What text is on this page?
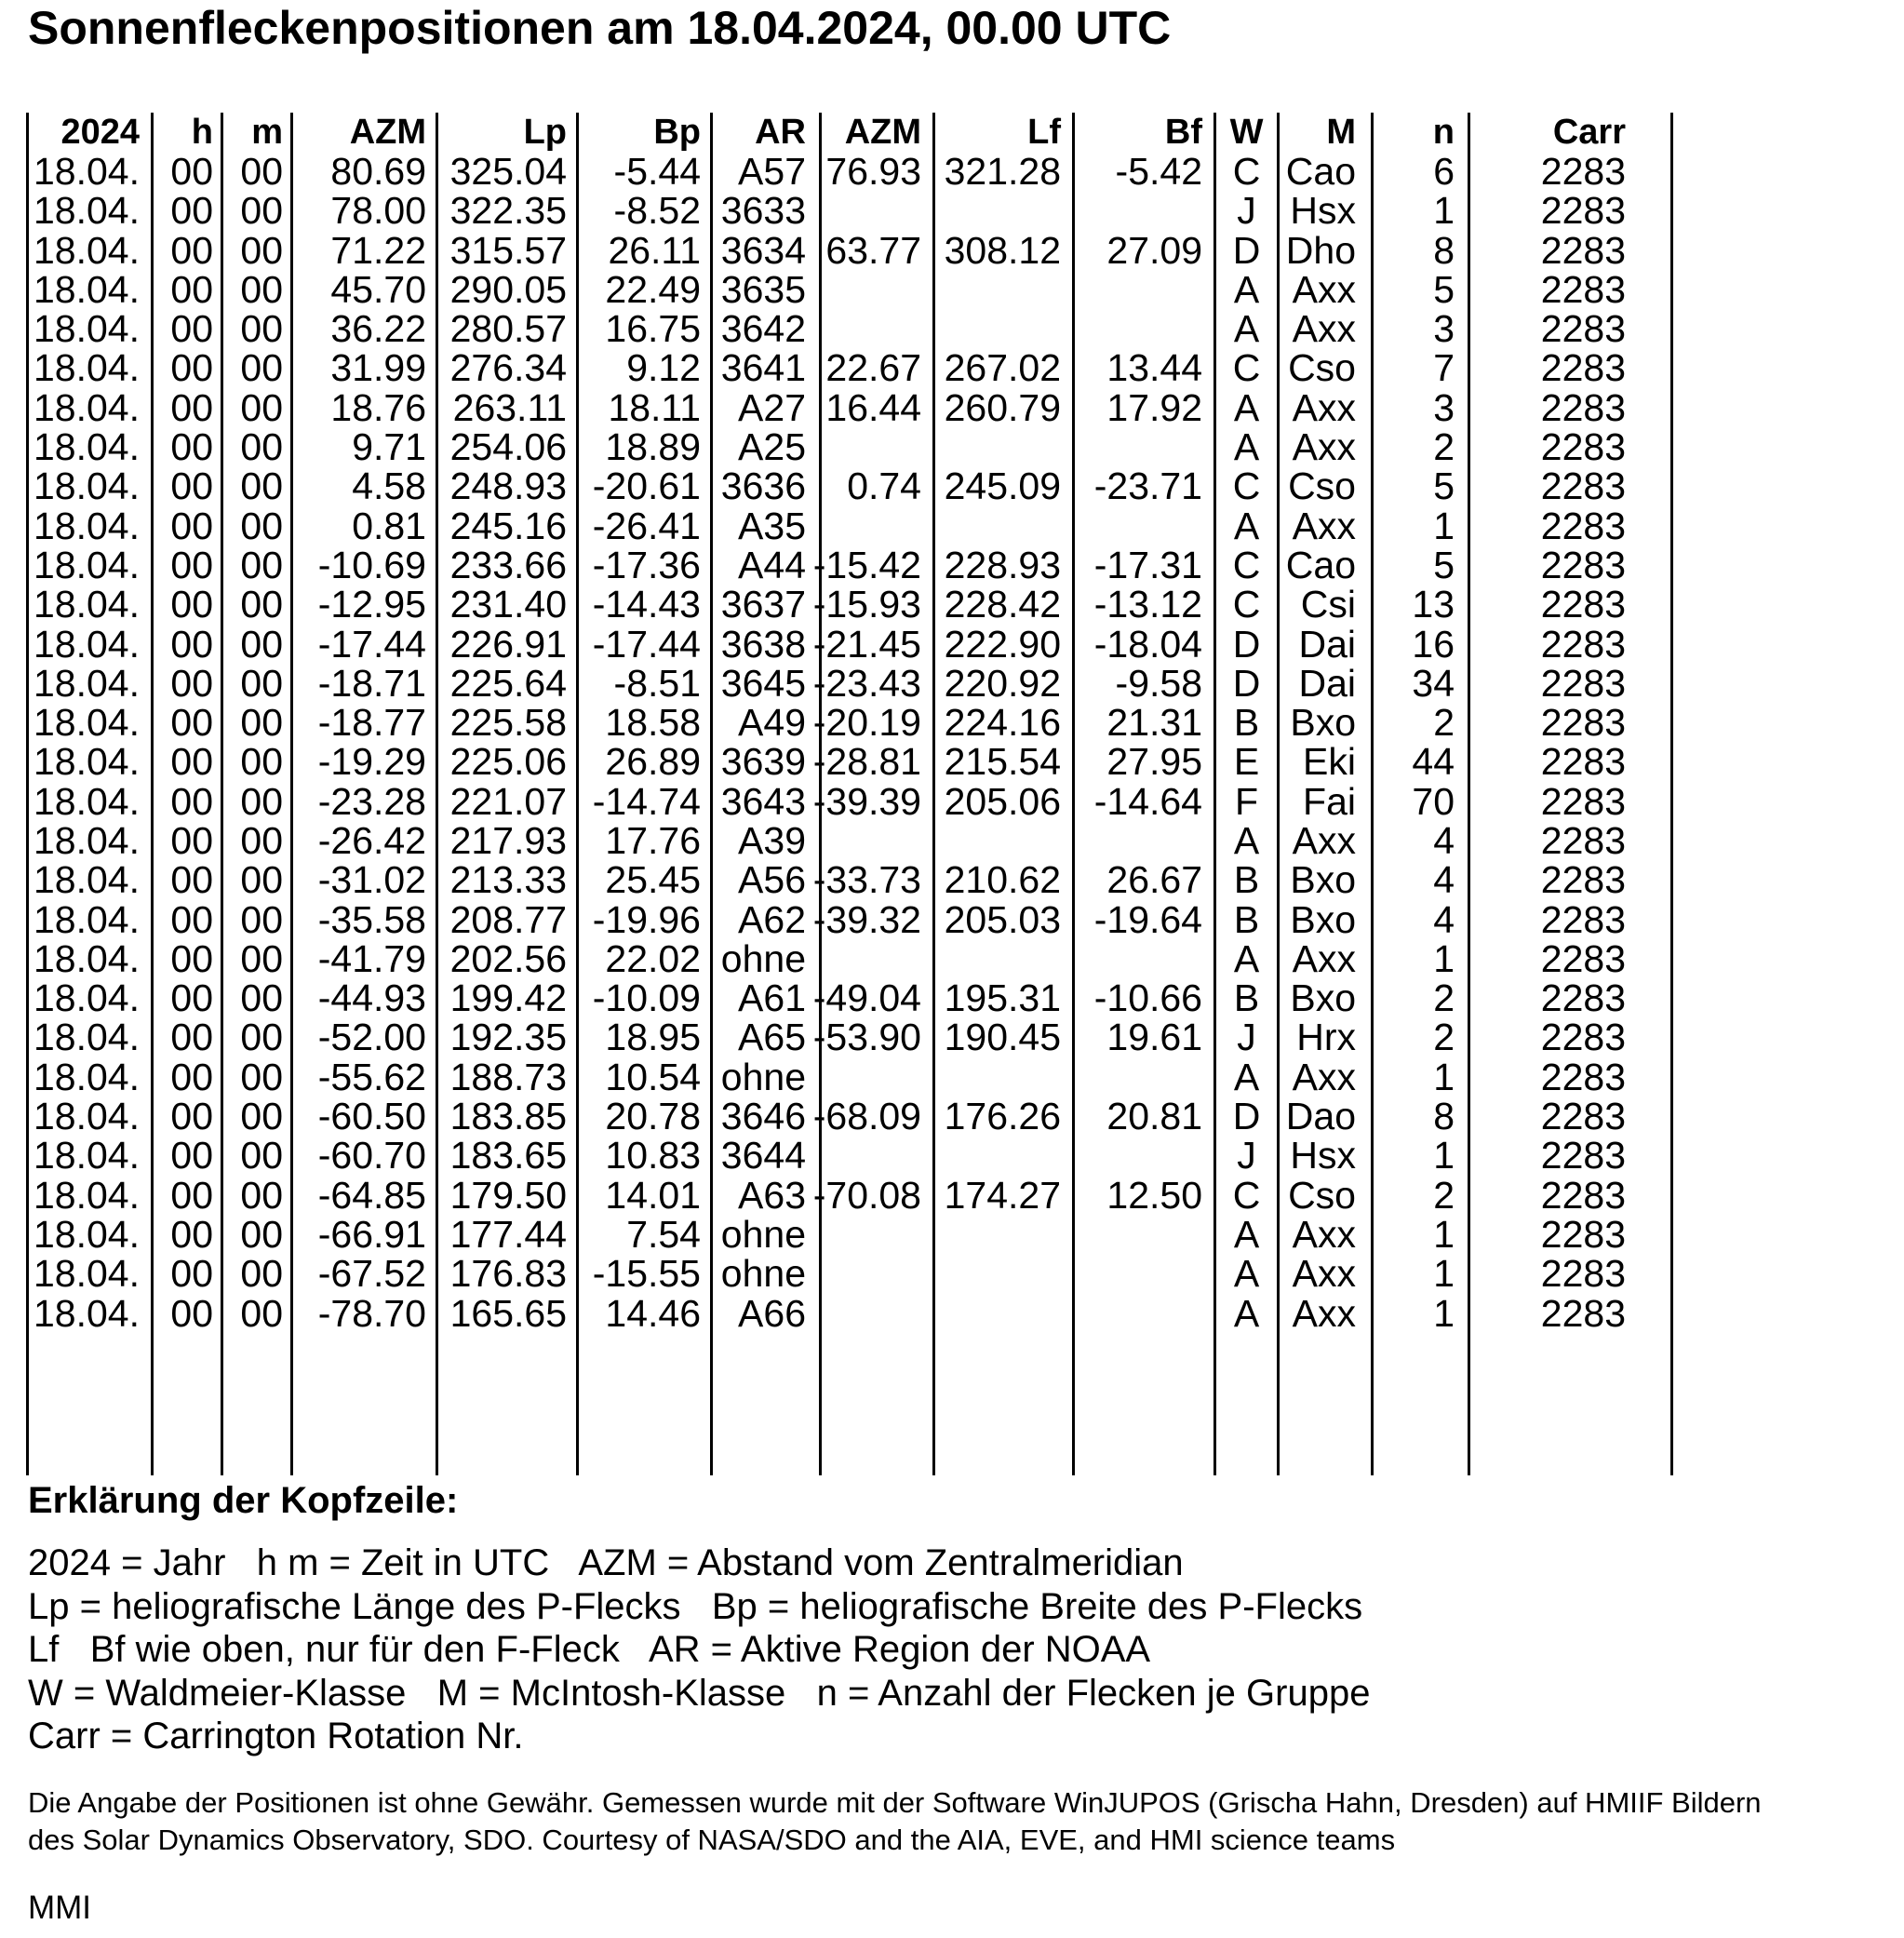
Sonnenfleckenpositionen am 18.04.2024, 00.00 UTC
2024	h	m	AZM	Lp	Bp	AR	AZM	Lf	Bf W	M	n	Carr
18.04. 00 00	80.69 325.04	-5.44 A57 76.93 321.28	-5.42 C Cao	6	2283
18.04. 00 00	78.00 322.35	-8.52 3633	J Hsx	1	2283
18.04. 00 00	71.22 315.57	26.11 3634 63.77 308.12	27.09 D Dho	8	2283
18.04. 00 00	45.70 290.05	22.49 3635	A Axx	5	2283
18.04. 00 00	36.22 280.57	16.75 3642	A Axx	3	2283
18.04. 00 00	31.99 276.34	9.12 3641 22.67 267.02	13.44 C Cso	7	2283
18.04. 00 00	18.76 263.11	18.11 A27 16.44 260.79	17.92 A Axx	3	2283
18.04. 00 00	9.71 254.06	18.89 A25	A Axx	2	2283
18.04. 00 00	4.58 248.93 -20.61 3636	0.74 245.09 -23.71 C Cso	5	2283
18.04. 00 00	0.81 245.16 -26.41 A35	A Axx	1	2283
18.04. 00 00 -10.69 233.66 -17.36 A44 -15.42 228.93 -17.31 C Cao	5	2283
18.04. 00 00 -12.95 231.40 -14.43 3637 -15.93 228.42 -13.12 C	Csi	13	2283
18.04. 00 00 -17.44 226.91 -17.44 3638 -21.45 222.90 -18.04 D	Dai	16	2283
18.04. 00 00 -18.71 225.64	-8.51 3645 -23.43 220.92	-9.58 D	Dai	34	2283
18.04. 00 00 -18.77 225.58	18.58 A49 -20.19 224.16	21.31 B Bxo	2	2283
18.04. 00 00 -19.29 225.06	26.89 3639 -28.81 215.54	27.95 E	Eki	44	2283
18.04. 00 00 -23.28 221.07 -14.74 3643 -39.39 205.06 -14.64 F	Fai	70	2283
18.04. 00 00 -26.42 217.93	17.76 A39	A Axx	4	2283
18.04. 00 00 -31.02 213.33	25.45 A56 -33.73 210.62	26.67 B Bxo	4	2283
18.04. 00 00 -35.58 208.77 -19.96 A62 -39.32 205.03 -19.64 B Bxo	4	2283
18.04. 00 00 -41.79 202.56	22.02 ohne	A Axx	1	2283
18.04. 00 00 -44.93 199.42 -10.09 A61 -49.04 195.31 -10.66 B Bxo	2	2283
18.04. 00 00 -52.00 192.35	18.95 A65 -53.90 190.45	19.61 J	Hrx	2	2283
18.04. 00 00 -55.62 188.73	10.54 ohne	A Axx	1	2283
18.04. 00 00 -60.50 183.85	20.78 3646 -68.09 176.26	20.81 D Dao	8	2283
18.04. 00 00 -60.70 183.65	10.83 3644	J Hsx	1	2283
18.04. 00 00 -64.85 179.50	14.01 A63 -70.08 174.27	12.50 C Cso	2	2283
18.04. 00 00 -66.91 177.44	7.54 ohne	A Axx	1	2283
18.04. 00 00 -67.52 176.83 -15.55 ohne	A Axx	1	2283
18.04. 00 00 -78.70 165.65	14.46 A66	A Axx	1	2283
Erklärung der Kopfzeile:
2024 = Jahr   h m = Zeit in UTC   AZM = Abstand vom Zentralmeridian
Lp = heliografische Länge des P-Flecks   Bp = heliografische Breite des P-Flecks
Lf   Bf wie oben, nur für den F-Fleck   AR = Aktive Region der NOAA
W = Waldmeier-Klasse   M = McIntosh-Klasse   n = Anzahl der Flecken je Gruppe
Carr = Carrington Rotation Nr.
Die Angabe der Positionen ist ohne Gewähr. Gemessen wurde mit der Software WinJUPOS (Grischa Hahn, Dresden) auf HMIIF Bildern
des Solar Dynamics Observatory, SDO. Courtesy of NASA/SDO and the AIA, EVE, and HMI science teams
MMI
